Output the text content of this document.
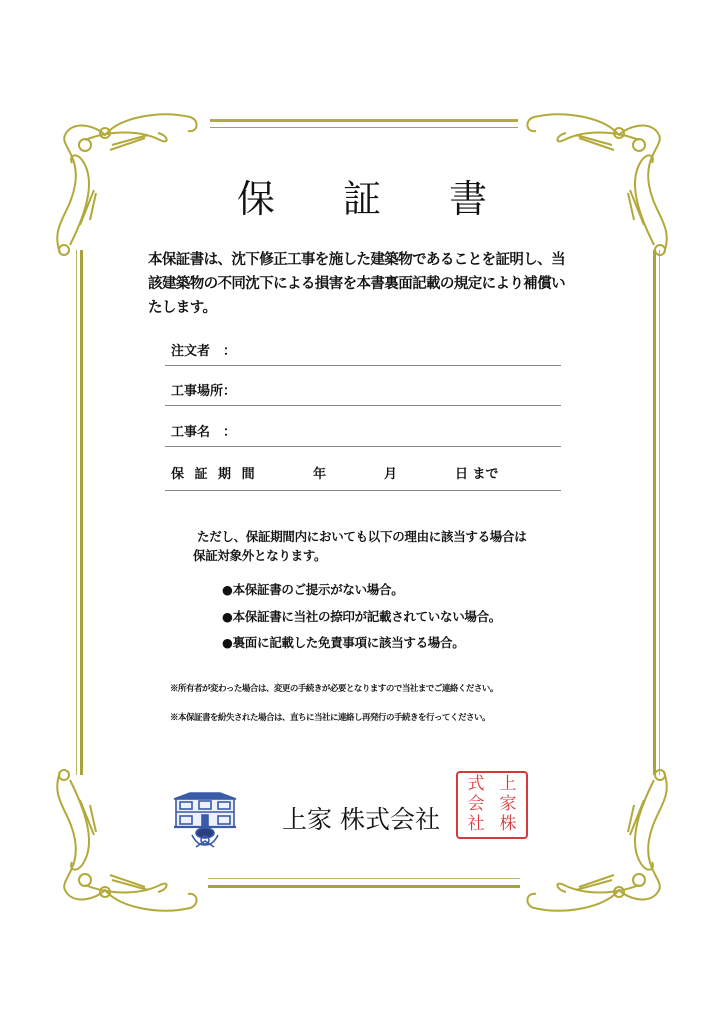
保 証 書
本保証書は、沈下修正工事を施した建築物であることを証明し、当該建築物の不同沈下による損害を本書裏面記載の規定により補償いたします。
注文者　：
工事場所：
工事名　：
保 証 期 間	年	月	日 まで
ただし、保証期間内においても以下の理由に該当する場合は
保証対象外となります。
●本保証書のご提示がない場合。
●本保証書に当社の捺印が記載されていない場合。
●裏面に記載した免責事項に該当する場合。
※所有者が変わった場合は、変更の手続きが必要となりますので当社までご連絡ください。
※本保証書を紛失された場合は、直ちに当社に連絡し再発行の手続きを行ってください。
上家 株式会社
式 上
会 家
社 株
